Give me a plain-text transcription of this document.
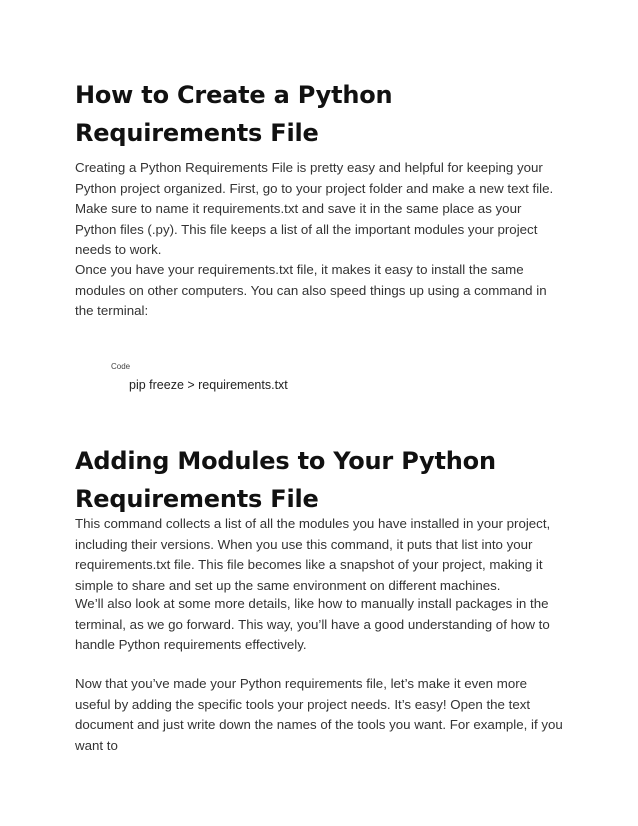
How to Create a Python Requirements File

Creating a Python Requirements File is pretty easy and helpful for keeping your Python project organized. First, go to your project folder and make a new text file. Make sure to name it requirements.txt and save it in the same place as your Python files (.py). This file keeps a list of all the important modules your project needs to work.

Once you have your requirements.txt file, it makes it easy to install the same modules on other computers. You can also speed things up using a command in the terminal:

Code
pip freeze > requirements.txt
Adding Modules to Your Python Requirements File

This command collects a list of all the modules you have installed in your project, including their versions. When you use this command, it puts that list into your requirements.txt file. This file becomes like a snapshot of your project, making it simple to share and set up the same environment on different machines.

We’ll also look at some more details, like how to manually install packages in the terminal, as we go forward. This way, you’ll have a good understanding of how to handle Python requirements effectively.

Now that you’ve made your Python requirements file, let’s make it even more useful by adding the specific tools your project needs. It’s easy! Open the text document and just write down the names of the tools you want. For example, if you want to
